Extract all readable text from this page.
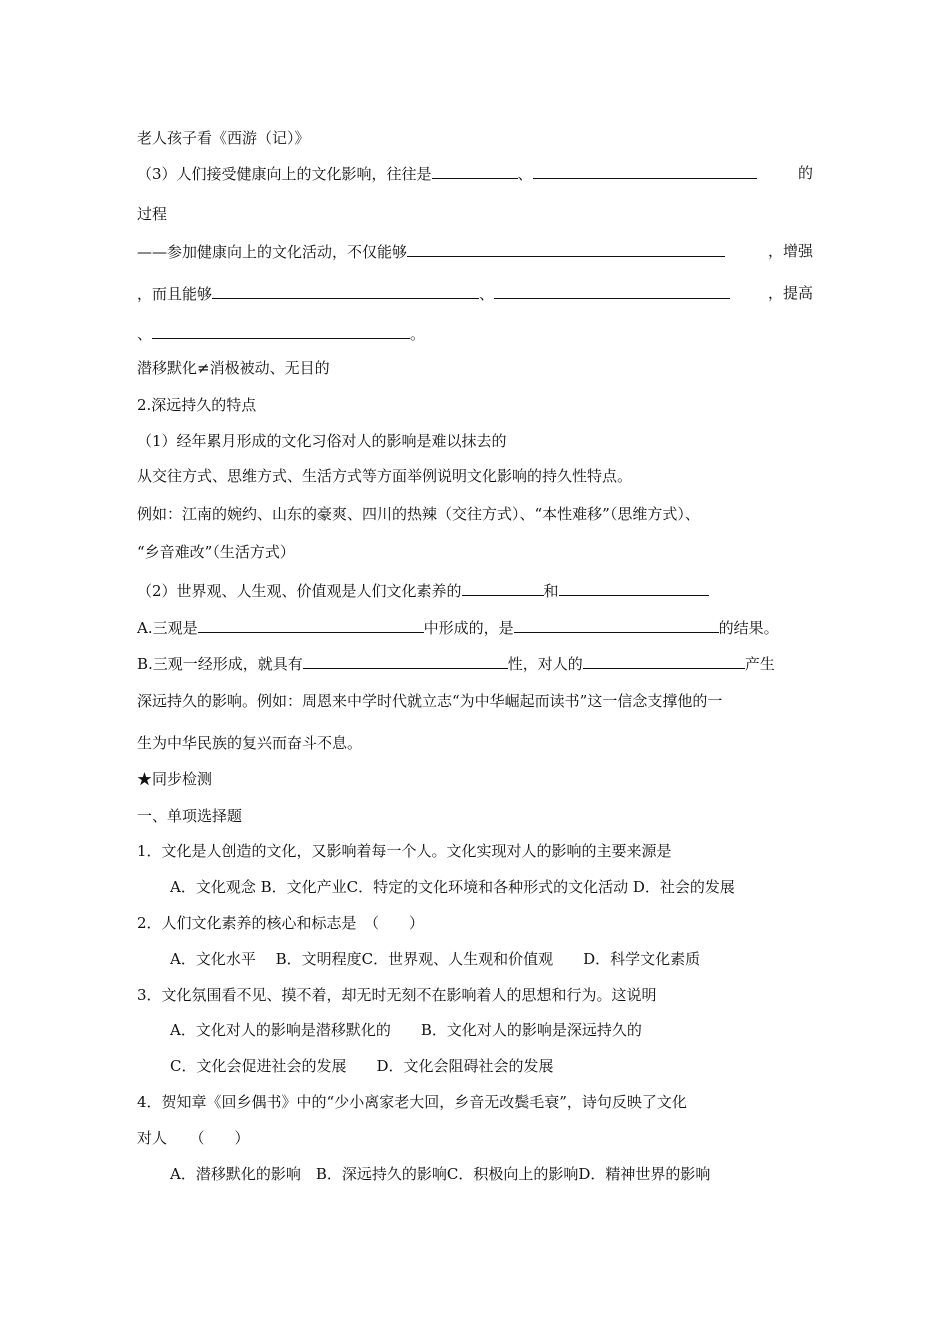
老人孩子看《西游（记）》
（3）人们接受健康向上的文化影响，往往是	、	的
过程
——参加健康向上的文化活动，不仅能够	，增强
，而且能够	、	，提高
、	。
潜移默化≠消极被动、无目的
2.深远持久的特点
（1）经年累月形成的文化习俗对人的影响是难以抹去的
从交往方式、思维方式、生活方式等方面举例说明文化影响的持久性特点。
例如：江南的婉约、山东的豪爽、四川的热辣（交往方式）、“本性难移”（思维方式）、
“乡音难改”（生活方式）
（2）世界观、人生观、价值观是人们文化素养的	和
A.三观是	中形成的，是	的结果。
B.三观一经形成，就具有	性，对人的	产生
深远持久的影响。例如：周恩来中学时代就立志“为中华崛起而读书”这一信念支撑他的一
生为中华民族的复兴而奋斗不息。
★同步检测
一、单项选择题
1．文化是人创造的文化，又影响着每一个人。文化实现对人的影响的主要来源是
A．文化观念 B．文化产业C．特定的文化环境和各种形式的文化活动 D．社会的发展
2．人们文化素养的核心和标志是　（　　）
A．文化水平　 B．文明程度C．世界观、人生观和价值观　　D．科学文化素质
3．文化氛围看不见、摸不着，却无时无刻不在影响着人的思想和行为。这说明
A．文化对人的影响是潜移默化的　　B．文化对人的影响是深远持久的
C．文化会促进社会的发展　　D．文化会阻碍社会的发展
4．贺知章《回乡偶书》中的“少小离家老大回，乡音无改鬓毛衰”，诗句反映了文化
对人　　（　　）
A．潜移默化的影响　B．深远持久的影响C．积极向上的影响D．精神世界的影响
